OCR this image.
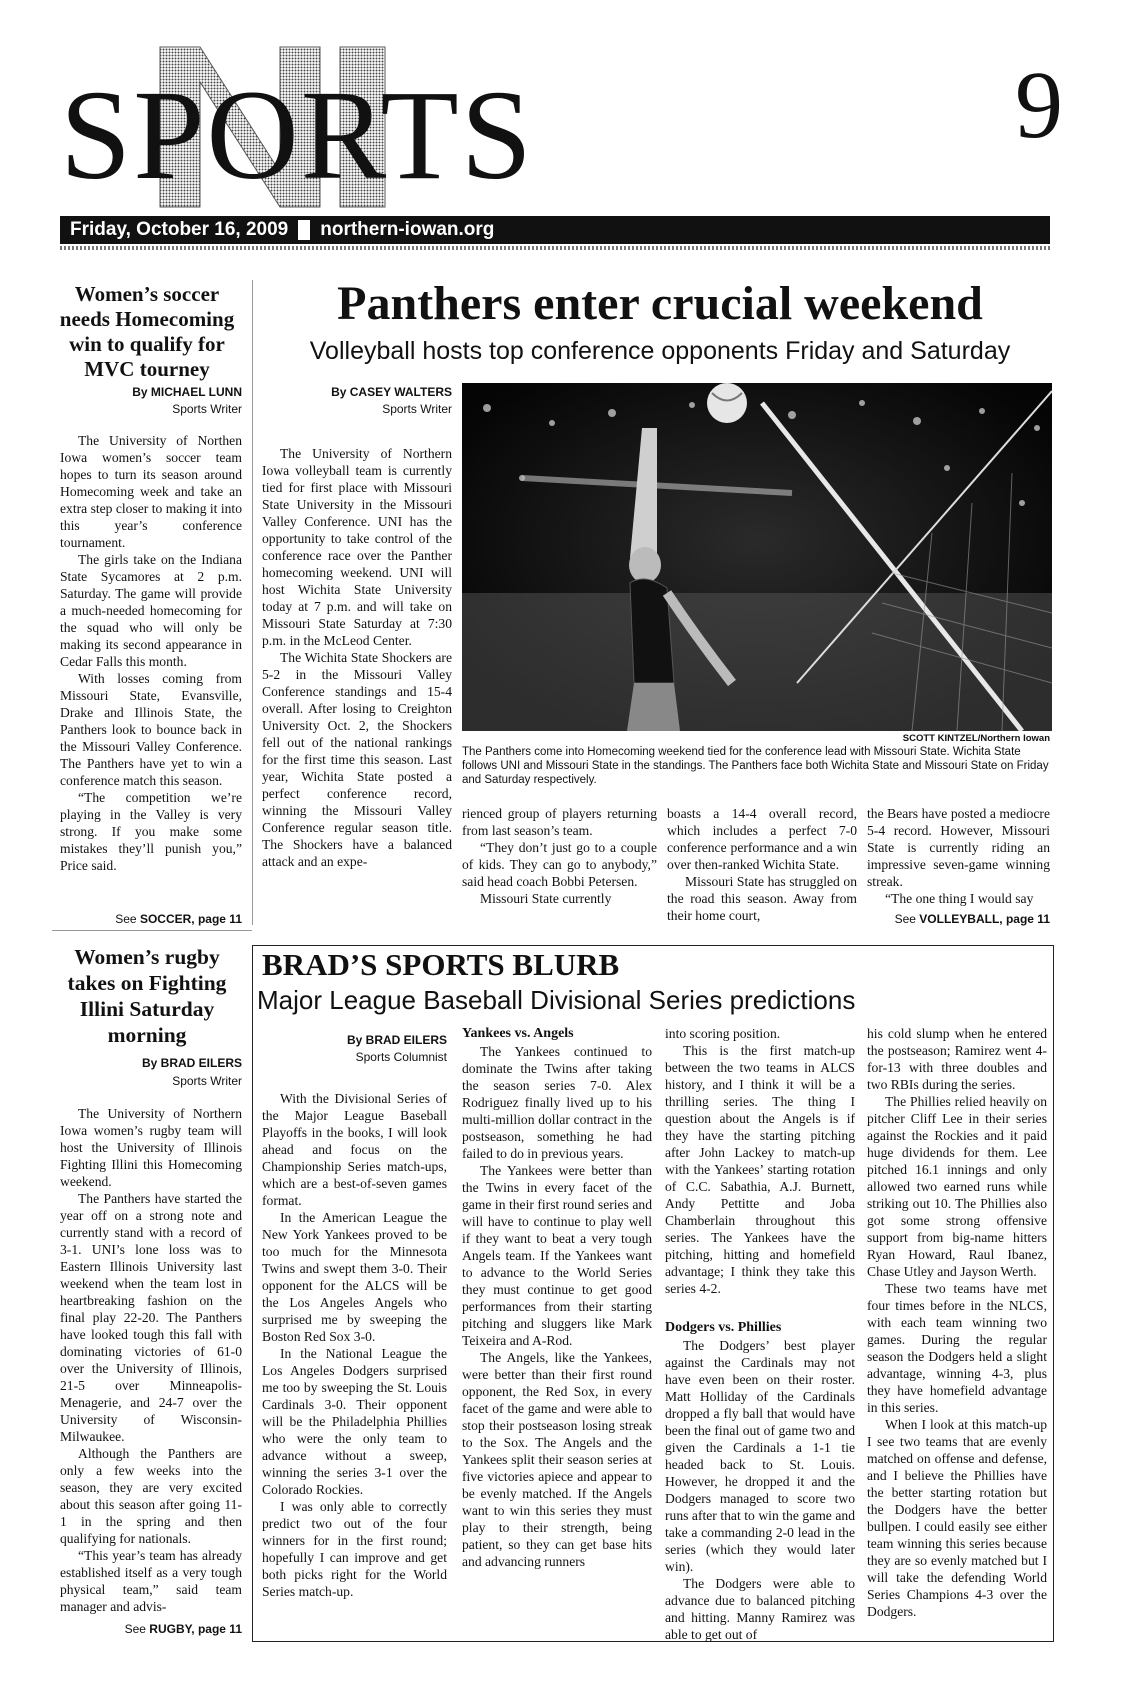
SPORTS	9
Friday, October 16, 2009 northern-iowan.org
Women’s soccer needs Homecoming win to qualify for MVC tourney
By MICHAEL LUNN
Sports Writer

The University of Northen Iowa women’s soccer team hopes to turn its season around Homecoming week and take an extra step closer to making it into this year’s conference tournament.

The girls take on the Indiana State Sycamores at 2 p.m. Saturday. The game will provide a much-needed homecoming for the squad who will only be making its second appearance in Cedar Falls this month.

With losses coming from Missouri State, Evansville, Drake and Illinois State, the Panthers look to bounce back in the Missouri Valley Conference. The Panthers have yet to win a conference match this season.

“The competition we’re playing in the Valley is very strong. If you make some mistakes they’ll punish you,” Price said.

See SOCCER, page 11
Panthers enter crucial weekend
Volleyball hosts top conference opponents Friday and Saturday
By CASEY WALTERS
Sports Writer

The University of Northern Iowa volleyball team is currently tied for first place with Missouri State University in the Missouri Valley Conference. UNI has the opportunity to take control of the conference race over the Panther homecoming weekend. UNI will host Wichita State University today at 7 p.m. and will take on Missouri State Saturday at 7:30 p.m. in the McLeod Center.

The Wichita State Shockers are 5-2 in the Missouri Valley Conference standings and 15-4 overall. After losing to Creighton University Oct. 2, the Shockers fell out of the national rankings for the first time this season. Last year, Wichita State posted a perfect conference record, winning the Missouri Valley Conference regular season title. The Shockers have a balanced attack and an expe-

SCOTT KINTZEL/Northern Iowan
The Panthers come into Homecoming weekend tied for the conference lead with Missouri State. Wichita State follows UNI and Missouri State in the standings. The Panthers face both Wichita State and Missouri State on Friday and Saturday respectively.

rienced group of players returning from last season’s team.

“They don’t just go to a couple of kids. They can go to anybody,” said head coach Bobbi Petersen.

Missouri State currently

boasts a 14-4 overall record, which includes a perfect 7-0 conference performance and a win over then-ranked Wichita State.

Missouri State has struggled on the road this season. Away from their home court,

the Bears have posted a mediocre 5-4 record. However, Missouri State is currently riding an impressive seven-game winning streak.

“The one thing I would say

See VOLLEYBALL, page 11
Women’s rugby takes on Fighting Illini Saturday morning
By BRAD EILERS
Sports Writer

The University of Northern Iowa women’s rugby team will host the University of Illinois Fighting Illini this Homecoming weekend.

The Panthers have started the year off on a strong note and currently stand with a record of 3-1. UNI’s lone loss was to Eastern Illinois University last weekend when the team lost in heartbreaking fashion on the final play 22-20. The Panthers have looked tough this fall with dominating victories of 61-0 over the University of Illinois, 21-5 over Minneapolis-Menagerie, and 24-7 over the University of Wisconsin-Milwaukee.

Although the Panthers are only a few weeks into the season, they are very excited about this season after going 11-1 in the spring and then qualifying for nationals.

“This year’s team has already established itself as a very tough physical team,” said team manager and advis-

See RUGBY, page 11
BRAD’S SPORTS BLURB
Major League Baseball Divisional Series predictions
By BRAD EILERS
Sports Columnist

With the Divisional Series of the Major League Baseball Playoffs in the books, I will look ahead and focus on the Championship Series match-ups, which are a best-of-seven games format.

In the American League the New York Yankees proved to be too much for the Minnesota Twins and swept them 3-0. Their opponent for the ALCS will be the Los Angeles Angels who surprised me by sweeping the Boston Red Sox 3-0.

In the National League the Los Angeles Dodgers surprised me too by sweeping the St. Louis Cardinals 3-0. Their opponent will be the Philadelphia Phillies who were the only team to advance without a sweep, winning the series 3-1 over the Colorado Rockies.

I was only able to correctly predict two out of the four winners for in the first round; hopefully I can improve and get both picks right for the World Series match-up.

Yankees vs. Angels

The Yankees continued to dominate the Twins after taking the season series 7-0. Alex Rodriguez finally lived up to his multi-million dollar contract in the postseason, something he had failed to do in previous years.

The Yankees were better than the Twins in every facet of the game in their first round series and will have to continue to play well if they want to beat a very tough Angels team. If the Yankees want to advance to the World Series they must continue to get good performances from their starting pitching and sluggers like Mark Teixeira and A-Rod.

The Angels, like the Yankees, were better than their first round opponent, the Red Sox, in every facet of the game and were able to stop their postseason losing streak to the Sox. The Angels and the Yankees split their season series at five victories apiece and appear to be evenly matched. If the Angels want to win this series they must play to their strength, being patient, so they can get base hits and advancing runners

into scoring position.

This is the first match-up between the two teams in ALCS history, and I think it will be a thrilling series. The thing I question about the Angels is if they have the starting pitching after John Lackey to match-up with the Yankees’ starting rotation of C.C. Sabathia, A.J. Burnett, Andy Pettitte and Joba Chamberlain throughout this series. The Yankees have the pitching, hitting and homefield advantage; I think they take this series 4-2.

Dodgers vs. Phillies

The Dodgers’ best player against the Cardinals may not have even been on their roster. Matt Holliday of the Cardinals dropped a fly ball that would have been the final out of game two and given the Cardinals a 1-1 tie headed back to St. Louis. However, he dropped it and the Dodgers managed to score two runs after that to win the game and take a commanding 2-0 lead in the series (which they would later win).

The Dodgers were able to advance due to balanced pitching and hitting. Manny Ramirez was able to get out of

his cold slump when he entered the postseason; Ramirez went 4-for-13 with three doubles and two RBIs during the series.

The Phillies relied heavily on pitcher Cliff Lee in their series against the Rockies and it paid huge dividends for them. Lee pitched 16.1 innings and only allowed two earned runs while striking out 10. The Phillies also got some strong offensive support from big-name hitters Ryan Howard, Raul Ibanez, Chase Utley and Jayson Werth.

These two teams have met four times before in the NLCS, with each team winning two games. During the regular season the Dodgers held a slight advantage, winning 4-3, plus they have homefield advantage in this series.

When I look at this match-up I see two teams that are evenly matched on offense and defense, and I believe the Phillies have the better starting rotation but the Dodgers have the better bullpen. I could easily see either team winning this series because they are so evenly matched but I will take the defending World Series Champions 4-3 over the Dodgers.
